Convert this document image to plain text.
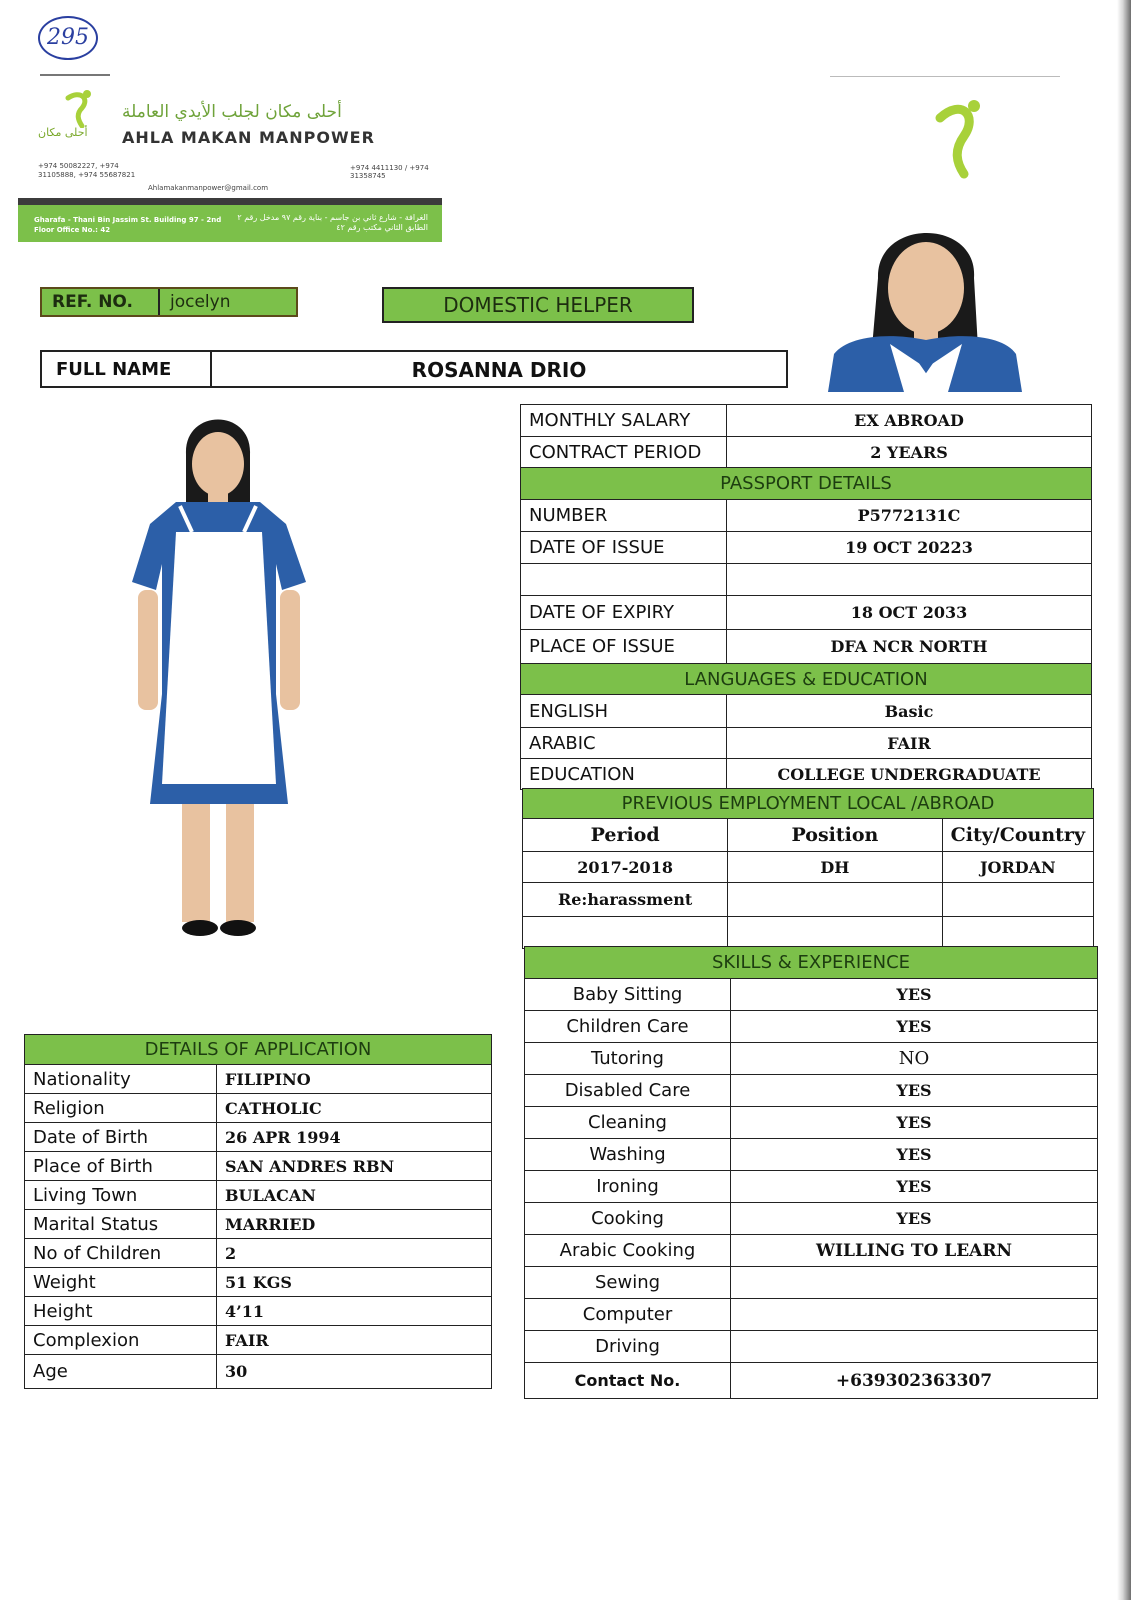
295
أحلى مكان
أحلى مكان لجلب الأيدي العاملة
AHLA MAKAN MANPOWER
+974 50082227, +974 31105888, +974 55687821
Ahlamakanmanpower@gmail.com
+974 4411130 / +974 31358745
Gharafa - Thani Bin Jassim St. Building 97 - 2nd Floor Office No.: 42
الغرافة - شارع ثاني بن جاسم - بناية رقم ٩٧ مدخل رقم ٢ الطابق الثاني مكتب رقم ٤٢
REF. NO. jocelyn	DOMESTIC HELPER
FULL NAME	ROSANNA DRIO
DETAILS OF APPLICATION	
Nationality	FILIPINO
Religion	CATHOLIC
Date of Birth	26 APR 1994
Place of Birth	SAN ANDRES RBN
Living Town	BULACAN
Marital Status	MARRIED
No of Children	2
Weight	51 KGS
Height	4’11
Complexion	FAIR
Age	30
MONTHLY SALARY	EX ABROAD
CONTRACT PERIOD	2 YEARS
PASSPORT DETAILS	
NUMBER	P5772131C
DATE OF ISSUE	19 OCT 20223

DATE OF EXPIRY	18 OCT 2033
PLACE OF ISSUE	DFA NCR NORTH
LANGUAGES & EDUCATION	
ENGLISH	Basic
ARABIC	FAIR
EDUCATION	COLLEGE UNDERGRADUATE
PREVIOUS EMPLOYMENT LOCAL /ABROAD		
Period	Position	City/Country
2017-2018	DH	JORDAN
Re:harassment		

SKILLS & EXPERIENCE	
Baby Sitting	YES
Children Care	YES
Tutoring	NO
Disabled Care	YES
Cleaning	YES
Washing	YES
Ironing	YES
Cooking	YES
Arabic Cooking	WILLING TO LEARN
Sewing	
Computer	
Driving	
Contact No.	+639302363307
